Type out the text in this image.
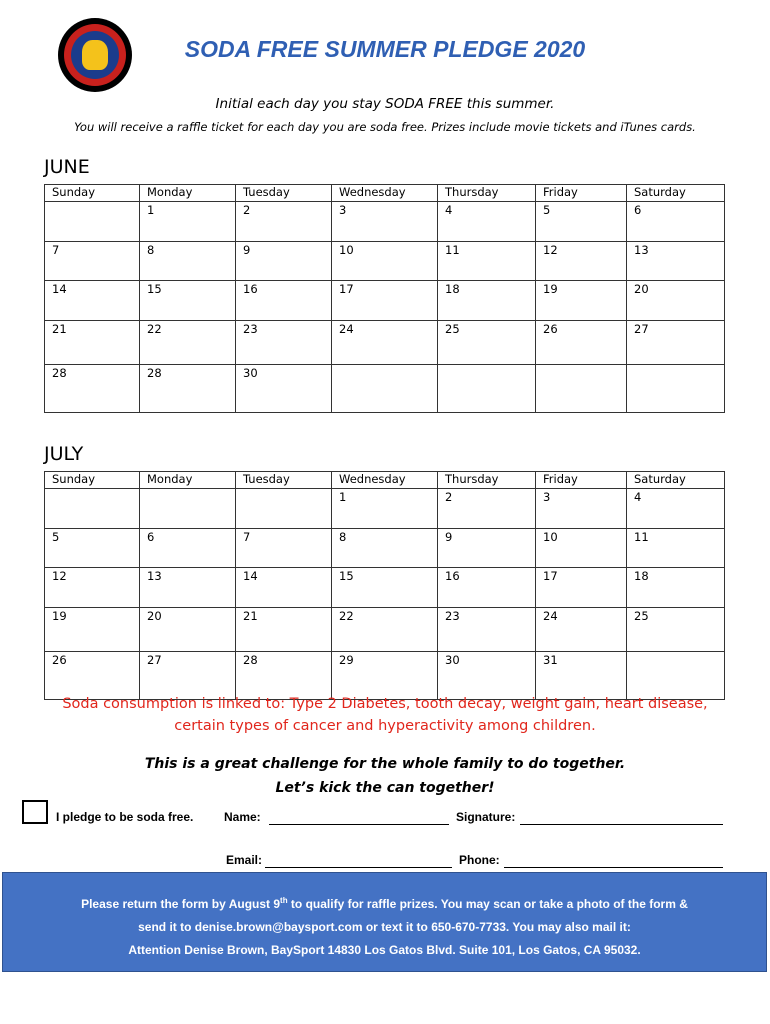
SODA FREE SUMMER PLEDGE 2020
Initial each day you stay SODA FREE this summer.
You will receive a raffle ticket for each day you are soda free. Prizes include movie tickets and iTunes cards.
JUNE
Sunday	Monday	Tuesday	Wednesday	Thursday	Friday	Saturday
	1	2	3	4	5	6
7	8	9	10	11	12	13
14	15	16	17	18	19	20
21	22	23	24	25	26	27
28	28	30				
JULY
Sunday	Monday	Tuesday	Wednesday	Thursday	Friday	Saturday
			1	2	3	4
5	6	7	8	9	10	11
12	13	14	15	16	17	18
19	20	21	22	23	24	25
26	27	28	29	30	31	
Soda consumption is linked to: Type 2 Diabetes, tooth decay, weight gain, heart disease,
certain types of cancer and hyperactivity among children.
This is a great challenge for the whole family to do together.
Let’s kick the can together!
I pledge to be soda free.	Name:	Signature:
Email:	Phone:
Please return the form by August 9th to qualify for raffle prizes. You may scan or take a photo of the form &
send it to denise.brown@baysport.com or text it to 650-670-7733. You may also mail it:
Attention Denise Brown, BaySport 14830 Los Gatos Blvd. Suite 101, Los Gatos, CA 95032.
